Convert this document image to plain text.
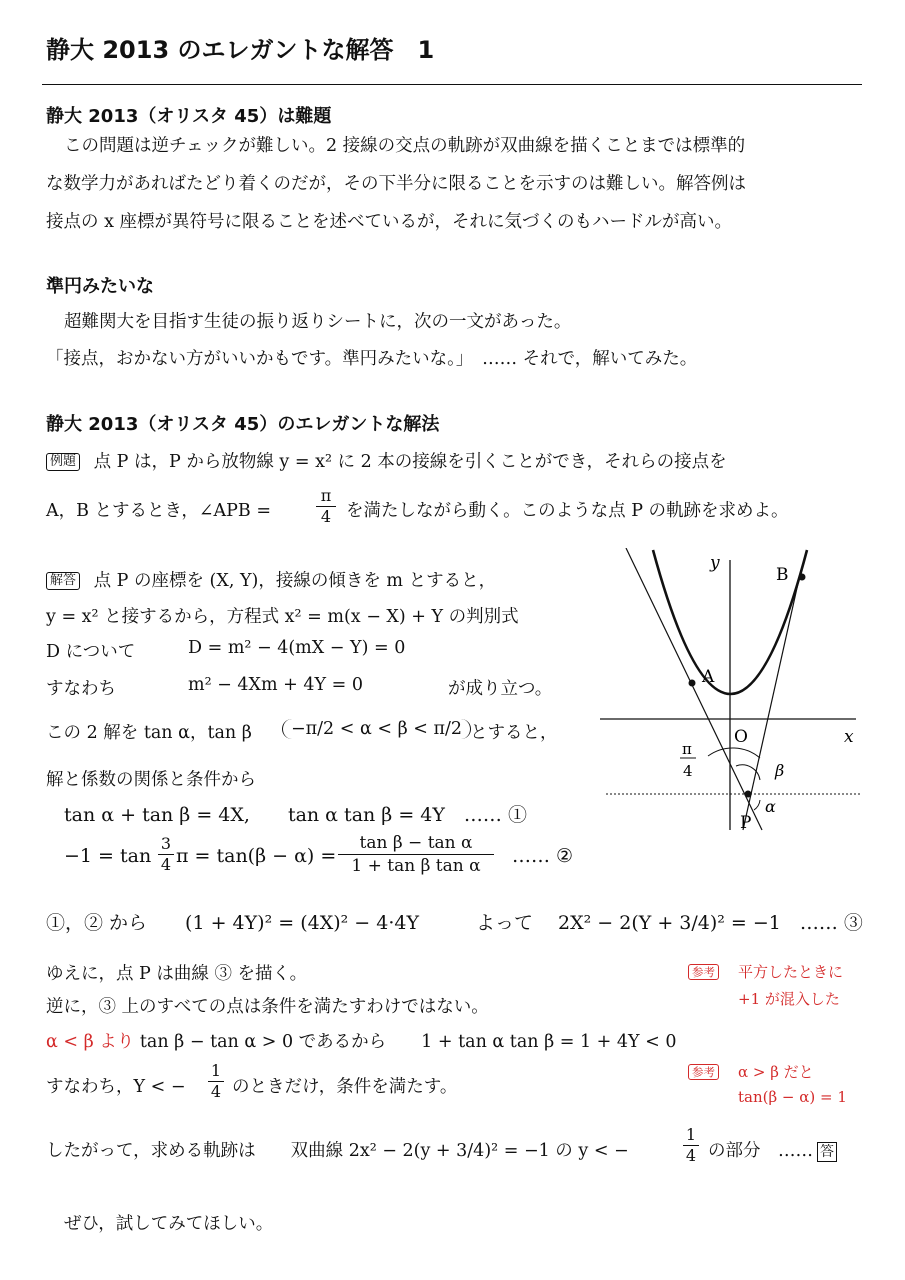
静大 2013 のエレガントな解答　1
静大 2013（オリスタ 45）は難題
この問題は逆チェックが難しい。2 接線の交点の軌跡が双曲線を描くことまでは標準的
な数学力があればたどり着くのだが，その下半分に限ることを示すのは難しい。解答例は
接点の x 座標が異符号に限ることを述べているが，それに気づくのもハードルが高い。
準円みたいな
超難関大を目指す生徒の振り返りシートに，次の一文があった。
「接点，おかない方がいいかもです。準円みたいな。」　…… それで，解いてみた。
静大 2013（オリスタ 45）のエレガントな解法
例題 点 P は，P から放物線 y = x² に 2 本の接線を引くことができ，それらの接点を
A，B とするとき，∠APB =	$\frac{\pi}{4}$ を満たしながら動く。このような点 P の軌跡を求めよ。
解答 点 P の座標を (X, Y)，接線の傾きを m とすると，
y = x² と接するから，方程式 x² = m(x − X) + Y の判別式
D について	D = m² − 4(mX − Y) = 0
すなわち	m² − 4Xm + 4Y = 0	が成り立つ。
この 2 解を tan α，tan β	−π/2 < α < β < π/2 とすると，
解と係数の関係と条件から
tan α + tan β = 4X,　　tan α tan β = 4Y　…… ①
$-1 = \tan \frac{3}{4}$ $\pi = \tan(\beta - \alpha) = \frac{\text{tan β − tan α}}{\text{1 + tan β tan α}}$ …… ②
①，② から　　(1 + 4Y)² = (4X)² − 4·4Y　　　よって 2X² − 2(Y + 3/4)² = −1　…… ③
ゆえに，点 P は曲線 ③ を描く。
逆に，③ 上のすべての点は条件を満たすわけではない。
α < β より tan β − tan α > 0 であるから　　1 + tan α tan β = 1 + 4Y < 0
すなわち，Y < − $\frac{1}{4}$ のときだけ，条件を満たす。
したがって，求める軌跡は　　双曲線 2x² − 2(y + 3/4)² = −1 の y < −	$\frac{1}{4}$ の部分　…… 答
ぜひ，試してみてほしい。
参考 平方したときに
+1 が混入した
参考 α > β だと
tan(β − α) = 1
y
x
O
A
B
P
π
4	β
α
